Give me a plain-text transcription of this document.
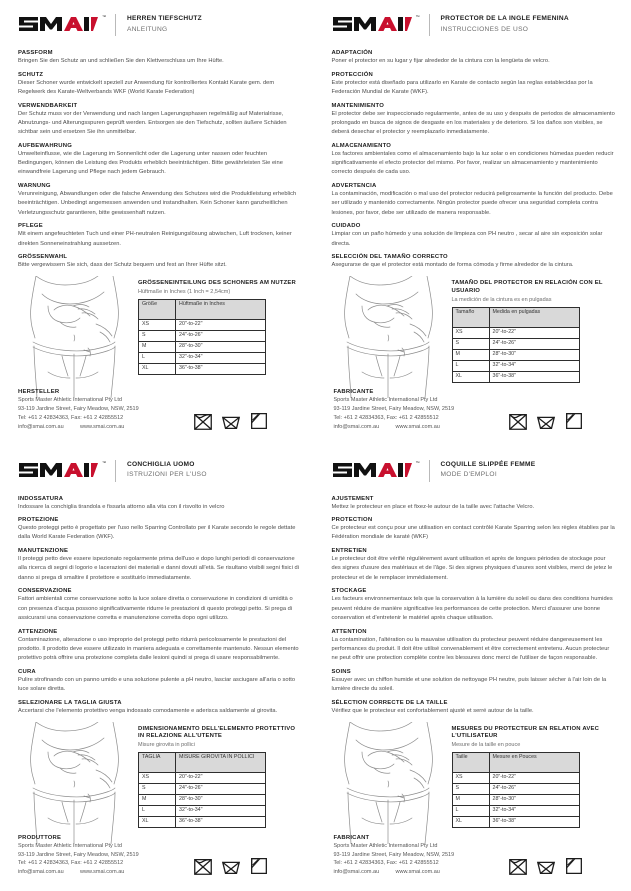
™	HERREN TIEFSCHUTZ
ANLEITUNG
PASSFORM

Bringen Sie den Schutz an und schließen Sie den Klettverschluss um Ihre Hüfte.

SCHUTZ

Dieser Schoner wurde entwickelt speziell zur Anwendung für kontrolliertes Kontakt Karate gem. dem Regelwerk des Karate-Weltverbands WKF (World Karate Federation)

VERWENDBARKEIT

Der Schutz muss vor der Verwendung und nach langen Lagerungsphasen regelmäßig auf Materialrisse, Abnutzungs- und Alterungsspuren geprüft werden. Entsorgen sie den Tiefschutz, sollten äußere Schäden sichtbar sein und ersetzen Sie ihn unmittelbar.

AUFBEWAHRUNG

Umwelteinflusse, wie die Lagerung im Sonnenlicht oder die Lagerung unter nassen oder feuchten Bedingungen, können die Leistung des Produkts erheblich beeinträchtigen. Bitte gewährleisten Sie eine einwandfreie Lagerung und Pflege nach jedem Gebrauch.

WARNUNG

Verunreinigung, Abwandlungen oder die falsche Anwendung des Schutzes wird die Produktleistung erheblich beeinträchtigen. Unbedingt angemessen anwenden und instandhalten. Kein Schoner kann ganzheitlichen Verletzungsschutz garantieren, bitte gewissenhaft nutzen.

PFLEGE

Mit einem angefeuchteten Tuch und einer PH-neutralen Reinigungslösung abwischen, Luft trocknen, keiner direkten Sonneneinstrahlung aussetzen.

GRÖSSENWAHL

Bitte vergewissern Sie sich, dass der Schutz bequem und fest an Ihrer Hüfte sitzt.

GRÖSSENEINTEILUNG DES SCHONERS AM NUTZER
Hüftmaße in Inches (1 Inch = 2,54cm)
Größe	Hüftmaße in Inches
XS	20"-to-22"
S	24"-to-26"
M	28"-to-30"
L	32"-to-34"
XL	36"-to-38"
HERSTELLER
Sports Master Athletic International Pty Ltd
93-119 Jardine Street, Fairy Meadow, NSW, 2519
Tel: +61 2 42834363, Fax: +61 2 42855512
info@smai.com.au	www.smai.com.au
™	PROTECTOR DE LA INGLE FEMENINA
INSTRUCCIONES DE USO
ADAPTACIÓN

Poner el protector en su lugar y fijar alrededor de la cintura con la lengüeta de velcro.

PROTECCIÓN

Este protector está diseñado para utilizarlo en Karate de contacto según las reglas establecidas por la Federación Mundial de Karate (WKF).

MANTENIMIENTO

El protector debe ser inspeccionado regularmente, antes de su uso y después de periodos de almacenamiento prolongado en busca de signos de desgaste en los materiales y de deterioro. Si los daños son visibles, se deberá desechar el protector y reemplazarlo inmediatamente.

ALMACENAMIENTO

Los factores ambientales como el almacenamiento bajo la luz solar o en condiciones húmedas pueden reducir significativamente el efecto protector del mismo. Por favor, realizar un almacenamiento y mantenimiento correcto después de cada uso.

ADVERTENCIA

La contaminación, modificación o mal uso del protector reducirá peligrosamente la función del producto. Debe ser utilizado y mantenido correctamente. Ningún protector puede ofrecer una seguridad completa contra lesiones, por favor, debe ser utilizado de manera responsable.

CUIDADO

Limpiar con un paño húmedo y una solución de limpieza con PH neutro , secar al aire sin exposición solar directa.

SELECCIÓN DEL TAMAÑO CORRECTO

Asegurarse de que el protector está montado de forma cómoda y firme alrededor de la cintura.

TAMAÑO DEL PROTECTOR EN RELACIÓN CON EL USUARIO
La medición de la cintura es en pulgadas
Tamaño	Medida en pulgadas
XS	20"-to-22"
S	24"-to-26"
M	28"-to-30"
L	32"-to-34"
XL	36"-to-38"
FABRICANTE
Sports Master Athletic International Pty Ltd
93-119 Jardine Street, Fairy Meadow, NSW, 2519
Tel: +61 2 42834363, Fax: +61 2 42855512
info@smai.com.au	www.smai.com.au
™	CONCHIGLIA UOMO
ISTRUZIONI PER L'USO
INDOSSATURA

Indossare la conchiglia tirandola e fissarla attorno alla vita con il risvolto in velcro

PROTEZIONE

Questo proteggi petto è progettato per l'uso nello Sparring Controllato per il Karate secondo le regole dettate dalla World Karate Federation (WKF).

MANUTENZIONE

Il proteggi petto deve essere ispezionato regolarmente prima dell'uso e dopo lunghi periodi di conservazione alla ricerca di segni di logorio e lacerazioni dei materiali e danni dovuti all'età. Se risultano visibili segni fisici di danno si prega di smaltire il protettore e sostituirlo immediatamente.

CONSERVAZIONE

Fattori ambientali come conservazione sotto la luce solare diretta o conservazione in condizioni di umidità o con presenza d'acqua possono significativamente ridurre le prestazioni di questo proteggi petto. Si prega di assicurarsi una conservazione corretta e manutenzione corretta dopo ogni utilizzo.

ATTENZIONE

Contaminazione, alterazione o uso improprio del proteggi petto ridurrà pericolosamente le prestazioni del prodotto. Il prodotto deve essere utilizzato in maniera adeguata e correttamente mantenuto. Nessun elemento protettivo potrà offrire una protezione completa dalle lesioni quindi si prega di usare responsabilmente.

CURA

Pulire strofinando con un panno umido e una soluzione pulente a pH neutro, lasciar asciugare all'aria o sotto luce solare diretta.

SELEZIONARE LA TAGLIA GIUSTA

Accertarsi che l'elemento protettivo venga indossato comodamente e aderisca saldamente al girovita.

DIMENSIONAMENTO DELL'ELEMENTO PROTETTIVO IN RELAZIONE ALL'UTENTE
Misure girovita in pollici
TAGLIA	MISURE GIROVITA IN POLLICI
XS	20"-to-22"
S	24"-to-26"
M	28"-to-30"
L	32"-to-34"
XL	36"-to-38"
PRODUTTORE
Sports Master Athletic International Pty Ltd
93-119 Jardine Street, Fairy Meadow, NSW, 2519
Tel: +61 2 42834363, Fax: +61 2 42855512
info@smai.com.au	www.smai.com.au
™	COQUILLE SLIPPÉE FEMME
MODE D'EMPLOI
AJUSTEMENT

Mettez le protecteur en place et fixez-le autour de la taille avec l'attache Velcro.

PROTECTION

Ce protecteur est conçu pour une utilisation en contact contrôlé Karate Sparring selon les règles établies par la Fédération mondiale de karaté (WKF)

ENTRETIEN

Le protecteur doit être vérifié régulièrement avant utilisation et après de longues périodes de stockage pour des signes d'usure des matériaux et de l'âge. Si des signes physiques d'usures sont visibles, merci de jetez le protecteur et de le remplacer immédiatement.

STOCKAGE

Les facteurs environnementaux tels que la conservation à la lumière du soleil ou dans des conditions humides peuvent réduire de manière significative les performances de cette protection. Merci d'assurer une bonne conservation et d'entretenir le matériel après chaque utilisation.

ATTENTION

La contamination, l'altération ou la mauvaise utilisation du protecteur peuvent réduire dangereusement les performances du produit. Il doit être utilisé convenablement et être correctement entretenu. Aucun protecteur ne peut offrir une protection complète contre les blessures donc merci de l'utiliser de façon responsable.

SOINS

Essuyer avec un chiffon humide et une solution de nettoyage PH neutre, puis laisser sécher à l'air loin de la lumière directe du soleil.

SÉLECTION CORRECTE DE LA TAILLE

Vérifiez que le protecteur est confortablement ajusté et serré autour de la taille.

MESURES DU PROTECTEUR EN RELATION AVEC L'UTILISATEUR
Mesure de la taille en pouce
Taille	Mesure en Pouces
XS	20"-to-22"
S	24"-to-26"
M	28"-to-30"
L	32"-to-34"
XL	36"-to-38"
FABRICANT
Sports Master Athletic International Pty Ltd
93-119 Jardine Street, Fairy Meadow, NSW, 2519
Tel: +61 2 42834363, Fax: +61 2 42855512
info@smai.com.au	www.smai.com.au
